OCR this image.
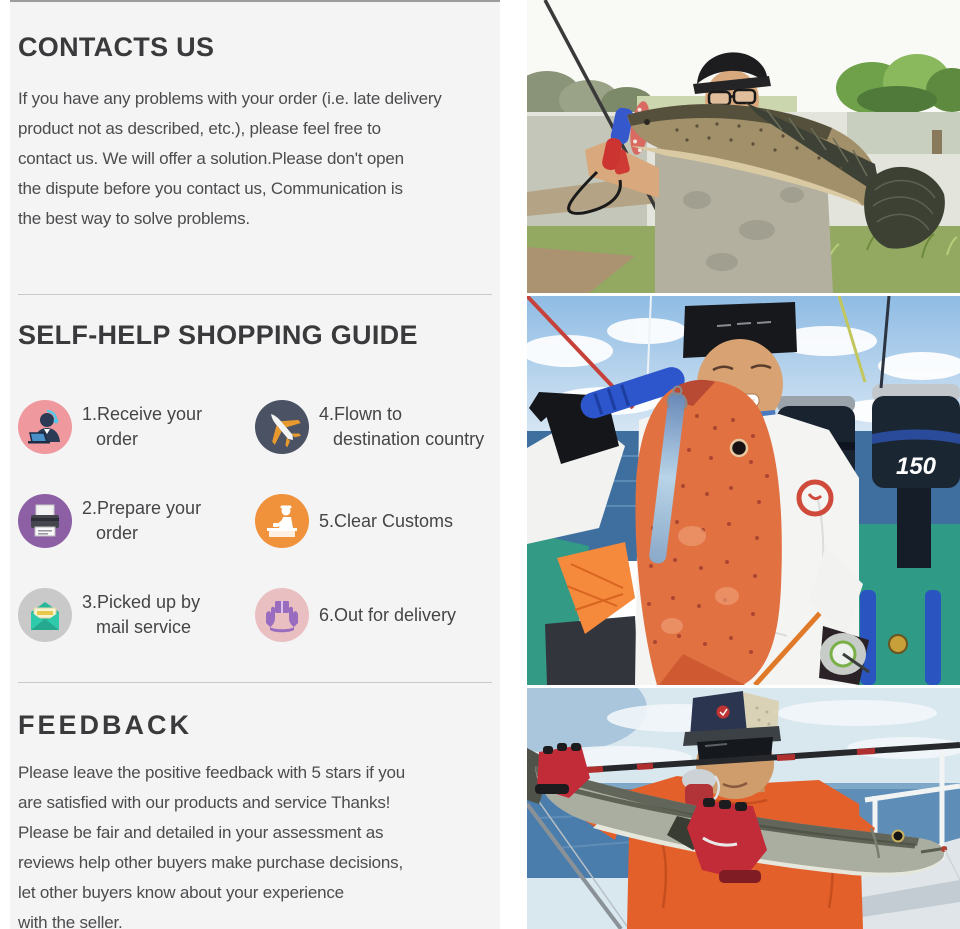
CONTACTS US
If you have any problems with your order (i.e. late delivery
product not as described, etc.), please feel free to
contact us. We will offer a solution.Please don't open
the dispute before you contact us, Communication is
the best way to solve problems.
SELF-HELP SHOPPING GUIDE
1.Receive your
order
2.Prepare your
order
3.Picked up by
mail service
4.Flown to
destination country
5.Clear Customs
6.Out for delivery
FEEDBACK
Please leave the positive feedback with 5 stars if you
are satisfied with our products and service Thanks!
Please be fair and detailed in your assessment as
reviews help other buyers make purchase decisions,
let other buyers know about your experience
with the seller.
150
